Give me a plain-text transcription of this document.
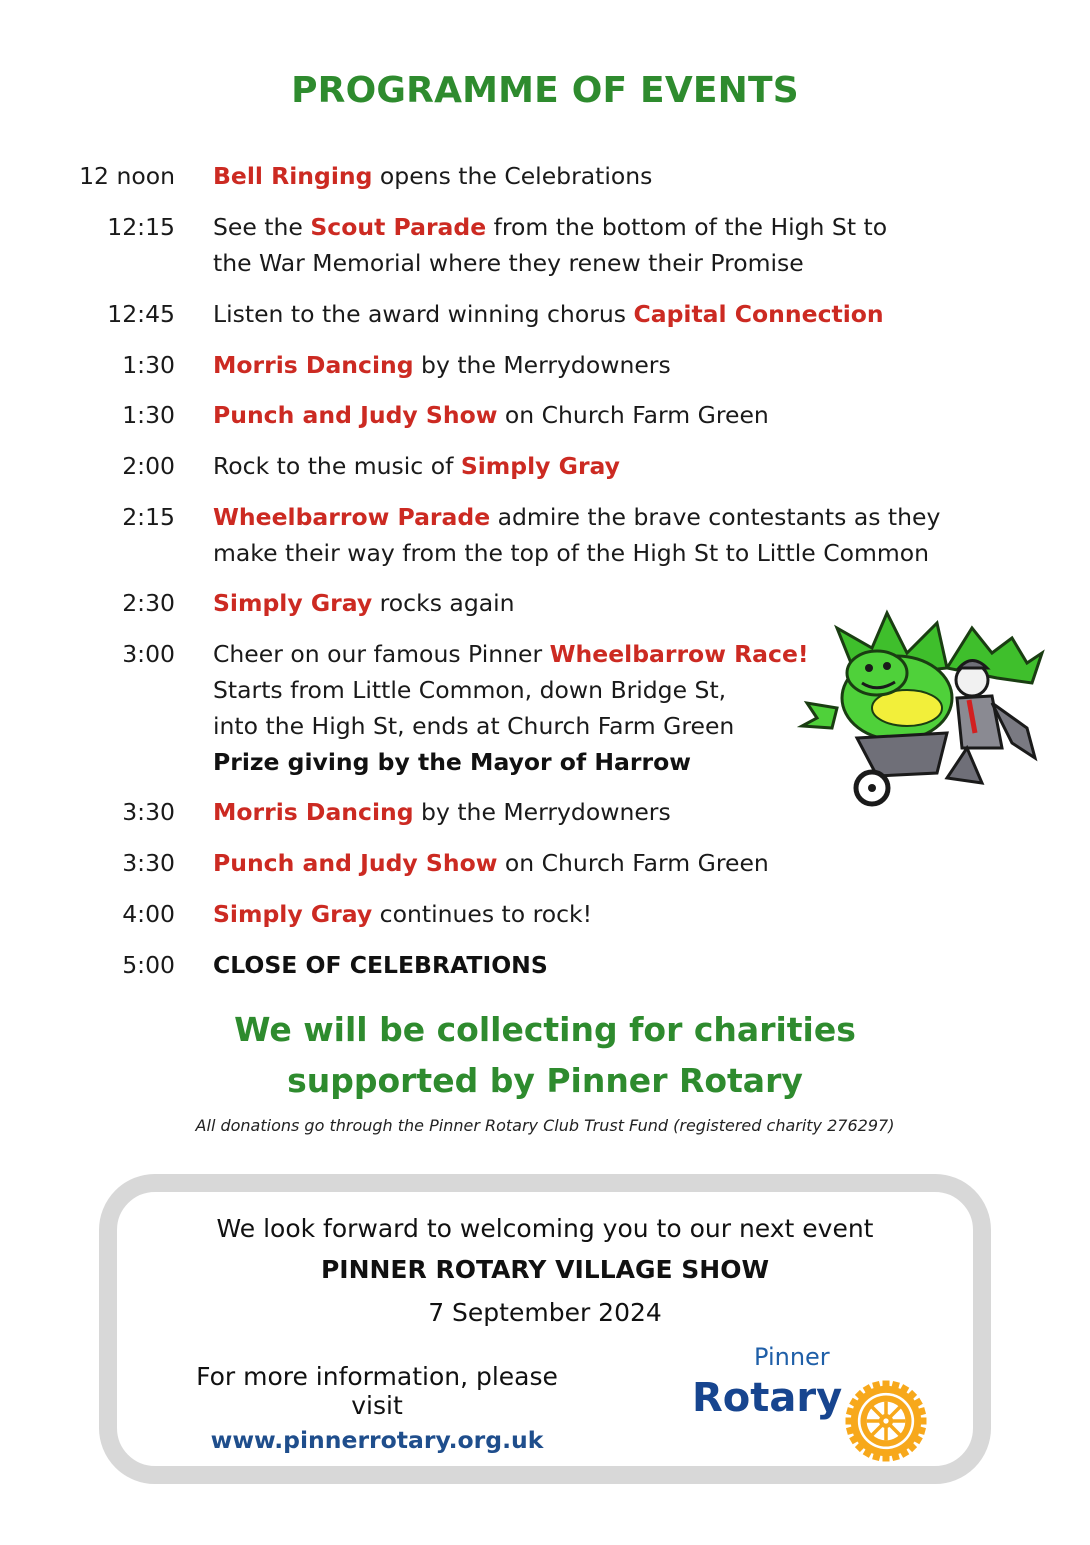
PROGRAMME OF EVENTS
12 noon Bell Ringing opens the Celebrations
12:15 See the Scout Parade from the bottom of the High St to
the War Memorial where they renew their Promise
12:45 Listen to the award winning chorus Capital Connection
1:30 Morris Dancing by the Merrydowners
1:30 Punch and Judy Show on Church Farm Green
2:00 Rock to the music of Simply Gray
2:15 Wheelbarrow Parade admire the brave contestants as they
make their way from the top of the High St to Little Common
2:30 Simply Gray rocks again
3:00 Cheer on our famous Pinner Wheelbarrow Race!
Starts from Little Common, down Bridge St,
into the High St, ends at Church Farm Green
Prize giving by the Mayor of Harrow
3:30 Morris Dancing by the Merrydowners
3:30 Punch and Judy Show on Church Farm Green
4:00 Simply Gray continues to rock!
5:00 CLOSE OF CELEBRATIONS
We will be collecting for charities
supported by Pinner Rotary
All donations go through the Pinner Rotary Club Trust Fund (registered charity 276297)
We look forward to welcoming you to our next event
PINNER ROTARY VILLAGE SHOW
7 September 2024
For more information, please visit
www.pinnerrotary.org.uk
Pinner
Rotary
